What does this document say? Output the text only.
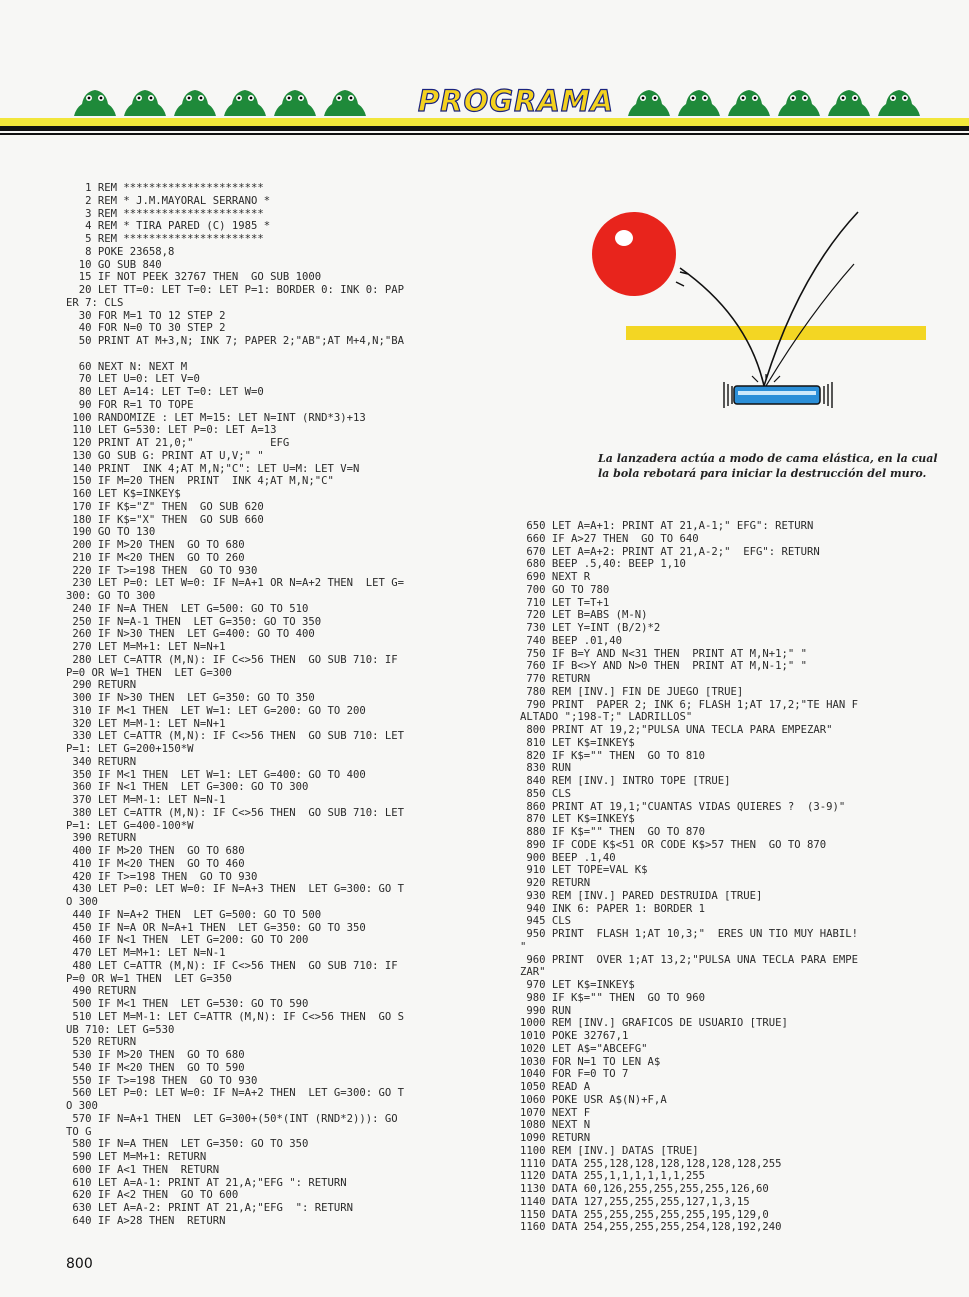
PROGRAMA
1 REM **********************
2 REM * J.M.MAYORAL SERRANO *
3 REM **********************
4 REM * TIRA PARED (C) 1985 *
5 REM **********************
8 POKE 23658,8
10 GO SUB 840
15 IF NOT PEEK 32767 THEN  GO SUB 1000
20 LET TT=0: LET T=0: LET P=1: BORDER 0: INK 0: PAP
ER 7: CLS
30 FOR M=1 TO 12 STEP 2
40 FOR N=0 TO 30 STEP 2
50 PRINT AT M+3,N; INK 7; PAPER 2;"AB";AT M+4,N;"BA
60 NEXT N: NEXT M
70 LET U=0: LET V=0
80 LET A=14: LET T=0: LET W=0
90 FOR R=1 TO TOPE
100 RANDOMIZE : LET M=15: LET N=INT (RND*3)+13
110 LET G=530: LET P=0: LET A=13
120 PRINT AT 21,0;"            EFG
130 GO SUB G: PRINT AT U,V;" "
140 PRINT  INK 4;AT M,N;"C": LET U=M: LET V=N
150 IF M=20 THEN  PRINT  INK 4;AT M,N;"C"
160 LET K$=INKEY$
170 IF K$="Z" THEN  GO SUB 620
180 IF K$="X" THEN  GO SUB 660
190 GO TO 130
200 IF M>20 THEN  GO TO 680
210 IF M<20 THEN  GO TO 260
220 IF T>=198 THEN  GO TO 930
230 LET P=0: LET W=0: IF N=A+1 OR N=A+2 THEN  LET G=
300: GO TO 300
240 IF N=A THEN  LET G=500: GO TO 510
250 IF N=A-1 THEN  LET G=350: GO TO 350
260 IF N>30 THEN  LET G=400: GO TO 400
270 LET M=M+1: LET N=N+1
280 LET C=ATTR (M,N): IF C<>56 THEN  GO SUB 710: IF
P=0 OR W=1 THEN  LET G=300
290 RETURN
300 IF N>30 THEN  LET G=350: GO TO 350
310 IF M<1 THEN  LET W=1: LET G=200: GO TO 200
320 LET M=M-1: LET N=N+1
330 LET C=ATTR (M,N): IF C<>56 THEN  GO SUB 710: LET
P=1: LET G=200+150*W
340 RETURN
350 IF M<1 THEN  LET W=1: LET G=400: GO TO 400
360 IF N<1 THEN  LET G=300: GO TO 300
370 LET M=M-1: LET N=N-1
380 LET C=ATTR (M,N): IF C<>56 THEN  GO SUB 710: LET
P=1: LET G=400-100*W
390 RETURN
400 IF M>20 THEN  GO TO 680
410 IF M<20 THEN  GO TO 460
420 IF T>=198 THEN  GO TO 930
430 LET P=0: LET W=0: IF N=A+3 THEN  LET G=300: GO T
O 300
440 IF N=A+2 THEN  LET G=500: GO TO 500
450 IF N=A OR N=A+1 THEN  LET G=350: GO TO 350
460 IF N<1 THEN  LET G=200: GO TO 200
470 LET M=M+1: LET N=N-1
480 LET C=ATTR (M,N): IF C<>56 THEN  GO SUB 710: IF
P=0 OR W=1 THEN  LET G=350
490 RETURN
500 IF M<1 THEN  LET G=530: GO TO 590
510 LET M=M-1: LET C=ATTR (M,N): IF C<>56 THEN  GO S
UB 710: LET G=530
520 RETURN
530 IF M>20 THEN  GO TO 680
540 IF M<20 THEN  GO TO 590
550 IF T>=198 THEN  GO TO 930
560 LET P=0: LET W=0: IF N=A+2 THEN  LET G=300: GO T
O 300
570 IF N=A+1 THEN  LET G=300+(50*(INT (RND*2))): GO
TO G
580 IF N=A THEN  LET G=350: GO TO 350
590 LET M=M+1: RETURN
600 IF A<1 THEN  RETURN
610 LET A=A-1: PRINT AT 21,A;"EFG ": RETURN
620 IF A<2 THEN  GO TO 600
630 LET A=A-2: PRINT AT 21,A;"EFG  ": RETURN
640 IF A>28 THEN  RETURN

La lanzadera actúa a modo de cama elástica, en la cual la bola rebotará para iniciar la destrucción del muro.

650 LET A=A+1: PRINT AT 21,A-1;" EFG": RETURN
660 IF A>27 THEN  GO TO 640
670 LET A=A+2: PRINT AT 21,A-2;"  EFG": RETURN
680 BEEP .5,40: BEEP 1,10
690 NEXT R
700 GO TO 780
710 LET T=T+1
720 LET B=ABS (M-N)
730 LET Y=INT (B/2)*2
740 BEEP .01,40
750 IF B=Y AND N<31 THEN  PRINT AT M,N+1;" "
760 IF B<>Y AND N>0 THEN  PRINT AT M,N-1;" "
770 RETURN
780 REM [INV.] FIN DE JUEGO [TRUE]
790 PRINT  PAPER 2; INK 6; FLASH 1;AT 17,2;"TE HAN F
ALTADO ";198-T;" LADRILLOS"
800 PRINT AT 19,2;"PULSA UNA TECLA PARA EMPEZAR"
810 LET K$=INKEY$
820 IF K$="" THEN  GO TO 810
830 RUN
840 REM [INV.] INTRO TOPE [TRUE]
850 CLS
860 PRINT AT 19,1;"CUANTAS VIDAS QUIERES ?  (3-9)"
870 LET K$=INKEY$
880 IF K$="" THEN  GO TO 870
890 IF CODE K$<51 OR CODE K$>57 THEN  GO TO 870
900 BEEP .1,40
910 LET TOPE=VAL K$
920 RETURN
930 REM [INV.] PARED DESTRUIDA [TRUE]
940 INK 6: PAPER 1: BORDER 1
945 CLS
950 PRINT  FLASH 1;AT 10,3;"  ERES UN TIO MUY HABIL!
"
960 PRINT  OVER 1;AT 13,2;"PULSA UNA TECLA PARA EMPE
ZAR"
970 LET K$=INKEY$
980 IF K$="" THEN  GO TO 960
990 RUN
1000 REM [INV.] GRAFICOS DE USUARIO [TRUE]
1010 POKE 32767,1
1020 LET A$="ABCEFG"
1030 FOR N=1 TO LEN A$
1040 FOR F=0 TO 7
1050 READ A
1060 POKE USR A$(N)+F,A
1070 NEXT F
1080 NEXT N
1090 RETURN
1100 REM [INV.] DATAS [TRUE]
1110 DATA 255,128,128,128,128,128,128,255
1120 DATA 255,1,1,1,1,1,1,255
1130 DATA 60,126,255,255,255,255,126,60
1140 DATA 127,255,255,255,127,1,3,15
1150 DATA 255,255,255,255,255,195,129,0
1160 DATA 254,255,255,255,254,128,192,240
800
